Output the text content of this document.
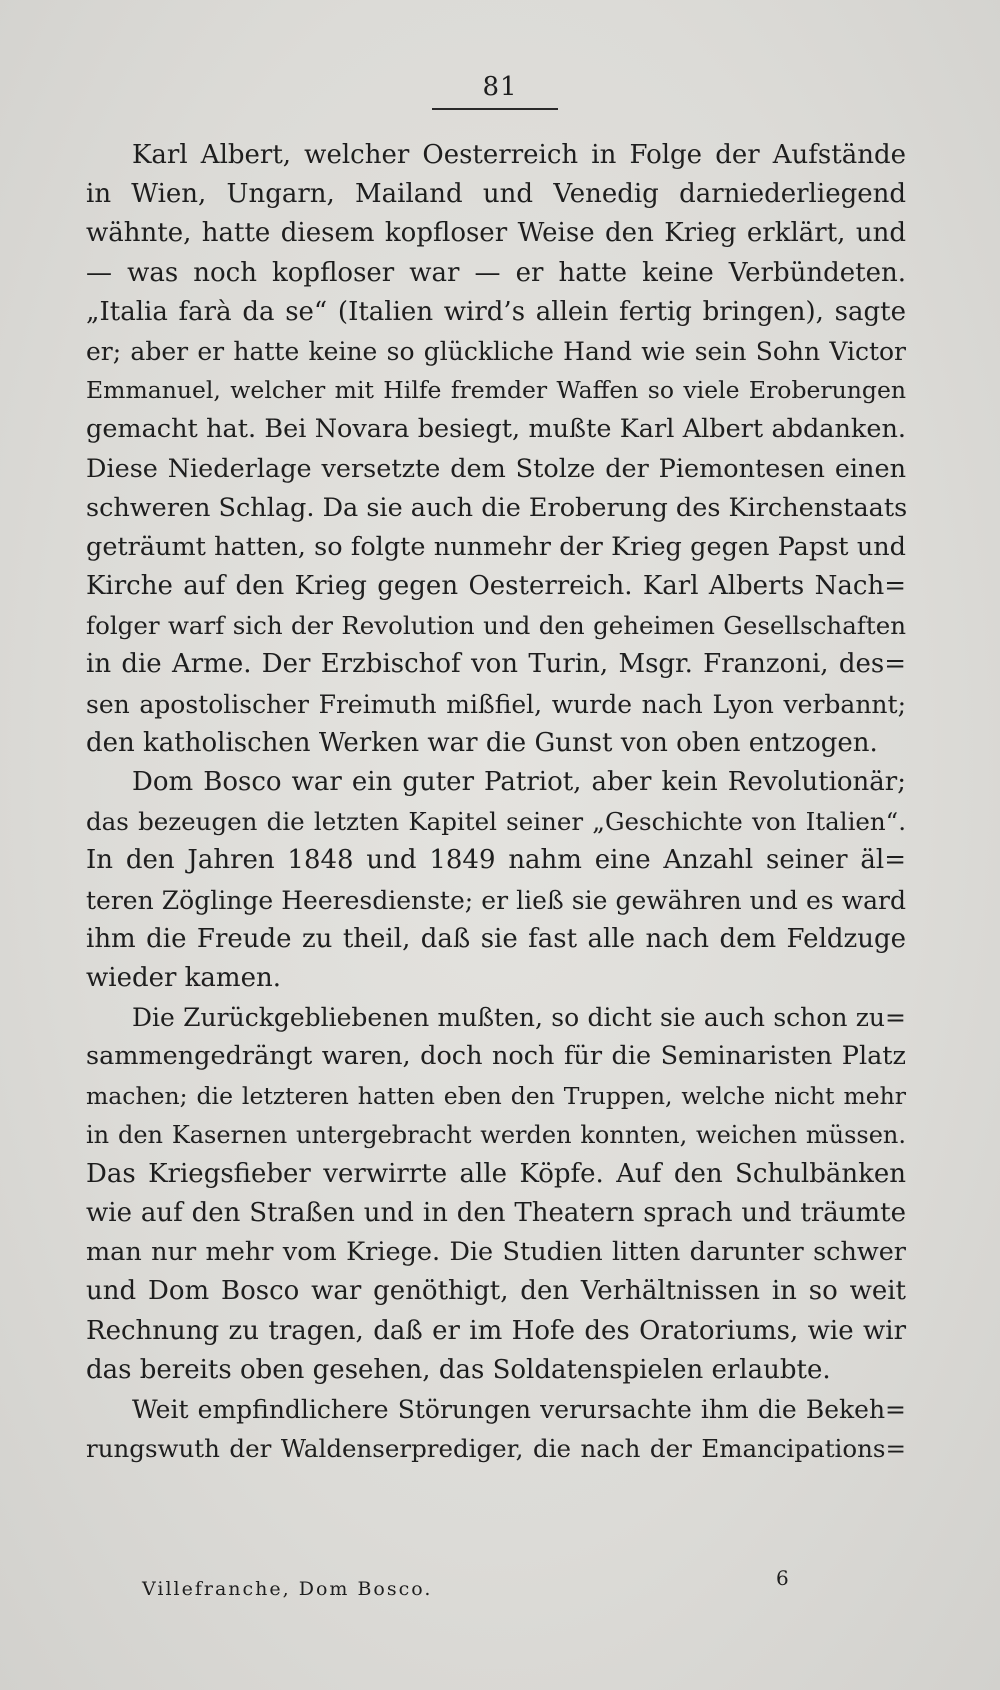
81
Karl Albert, welcher Oesterreich in Folge der Aufstände
in Wien, Ungarn, Mailand und Venedig darniederliegend
wähnte, hatte diesem kopfloser Weise den Krieg erklärt, und
— was noch kopfloser war — er hatte keine Verbündeten.
„Italia farà da se“ (Italien wird’s allein fertig bringen), sagte
er; aber er hatte keine so glückliche Hand wie sein Sohn Victor
Emmanuel, welcher mit Hilfe fremder Waffen so viele Eroberungen
gemacht hat. Bei Novara besiegt, mußte Karl Albert abdanken.
Diese Niederlage versetzte dem Stolze der Piemontesen einen
schweren Schlag. Da sie auch die Eroberung des Kirchenstaats
geträumt hatten, so folgte nunmehr der Krieg gegen Papst und
Kirche auf den Krieg gegen Oesterreich. Karl Alberts Nach=
folger warf sich der Revolution und den geheimen Gesellschaften
in die Arme. Der Erzbischof von Turin, Msgr. Franzoni, des=
sen apostolischer Freimuth mißfiel, wurde nach Lyon verbannt;
den katholischen Werken war die Gunst von oben entzogen.
Dom Bosco war ein guter Patriot, aber kein Revolutionär;
das bezeugen die letzten Kapitel seiner „Geschichte von Italien“.
In den Jahren 1848 und 1849 nahm eine Anzahl seiner äl=
teren Zöglinge Heeresdienste; er ließ sie gewähren und es ward
ihm die Freude zu theil, daß sie fast alle nach dem Feldzuge
wieder kamen.
Die Zurückgebliebenen mußten, so dicht sie auch schon zu=
sammengedrängt waren, doch noch für die Seminaristen Platz
machen; die letzteren hatten eben den Truppen, welche nicht mehr
in den Kasernen untergebracht werden konnten, weichen müssen.
Das Kriegsfieber verwirrte alle Köpfe. Auf den Schulbänken
wie auf den Straßen und in den Theatern sprach und träumte
man nur mehr vom Kriege. Die Studien litten darunter schwer
und Dom Bosco war genöthigt, den Verhältnissen in so weit
Rechnung zu tragen, daß er im Hofe des Oratoriums, wie wir
das bereits oben gesehen, das Soldatenspielen erlaubte.
Weit empfindlichere Störungen verursachte ihm die Bekeh=
rungswuth der Waldenserprediger, die nach der Emancipations=
Villefranche, Dom Bosco.	6
